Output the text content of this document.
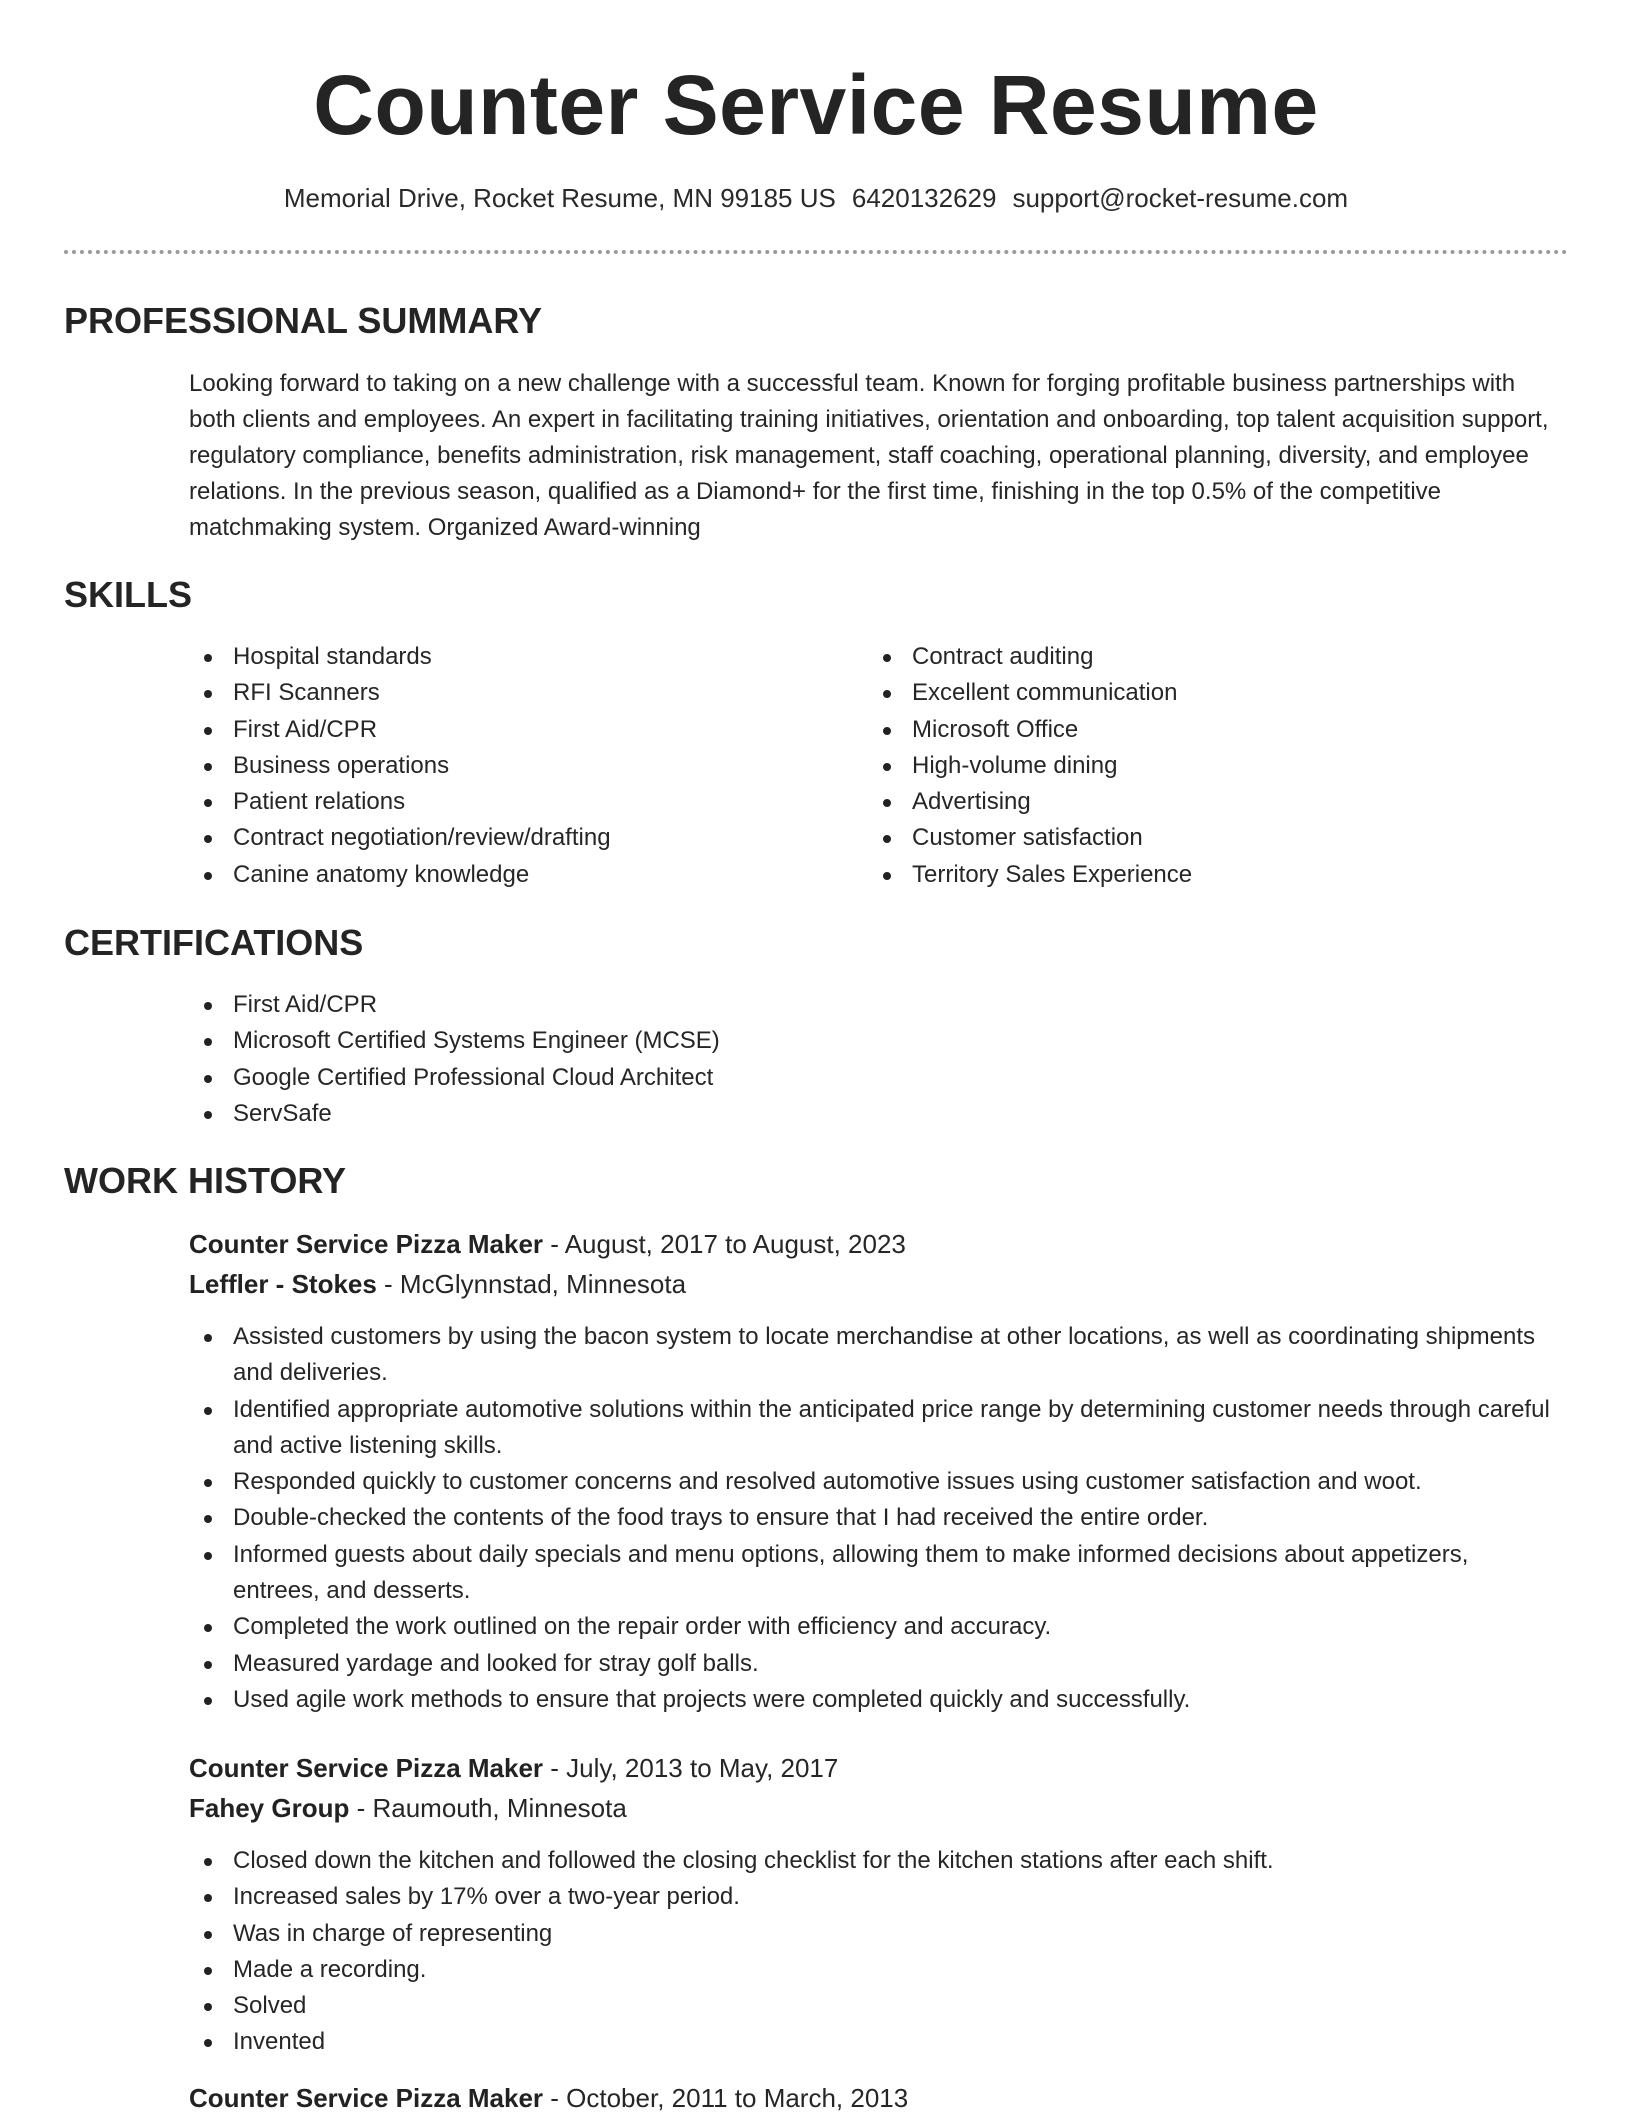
Counter Service Resume
Memorial Drive, Rocket Resume, MN 99185 US 6420132629 support@rocket-resume.com
PROFESSIONAL SUMMARY

Looking forward to taking on a new challenge with a successful team. Known for forging profitable business partnerships with both clients and employees. An expert in facilitating training initiatives, orientation and onboarding, top talent acquisition support, regulatory compliance, benefits administration, risk management, staff coaching, operational planning, diversity, and employee relations. In the previous season, qualified as a Diamond+ for the first time, finishing in the top 0.5% of the competitive matchmaking system. Organized Award-winning

SKILLS
Hospital standards
RFI Scanners
First Aid/CPR
Business operations
Patient relations
Contract negotiation/review/drafting
Canine anatomy knowledge
Contract auditing
Excellent communication
Microsoft Office
High-volume dining
Advertising
Customer satisfaction
Territory Sales Experience
CERTIFICATIONS
First Aid/CPR
Microsoft Certified Systems Engineer (MCSE)
Google Certified Professional Cloud Architect
ServSafe
WORK HISTORY
Counter Service Pizza Maker - August, 2017 to August, 2023
Leffler - Stokes - McGlynnstad, Minnesota
Assisted customers by using the bacon system to locate merchandise at other locations, as well as coordinating shipments and deliveries.
Identified appropriate automotive solutions within the anticipated price range by determining customer needs through careful and active listening skills.
Responded quickly to customer concerns and resolved automotive issues using customer satisfaction and woot.
Double-checked the contents of the food trays to ensure that I had received the entire order.
Informed guests about daily specials and menu options, allowing them to make informed decisions about appetizers, entrees, and desserts.
Completed the work outlined on the repair order with efficiency and accuracy.
Measured yardage and looked for stray golf balls.
Used agile work methods to ensure that projects were completed quickly and successfully.
Counter Service Pizza Maker - July, 2013 to May, 2017
Fahey Group - Raumouth, Minnesota
Closed down the kitchen and followed the closing checklist for the kitchen stations after each shift.
Increased sales by 17% over a two-year period.
Was in charge of representing
Made a recording.
Solved
Invented
Counter Service Pizza Maker - October, 2011 to March, 2013
